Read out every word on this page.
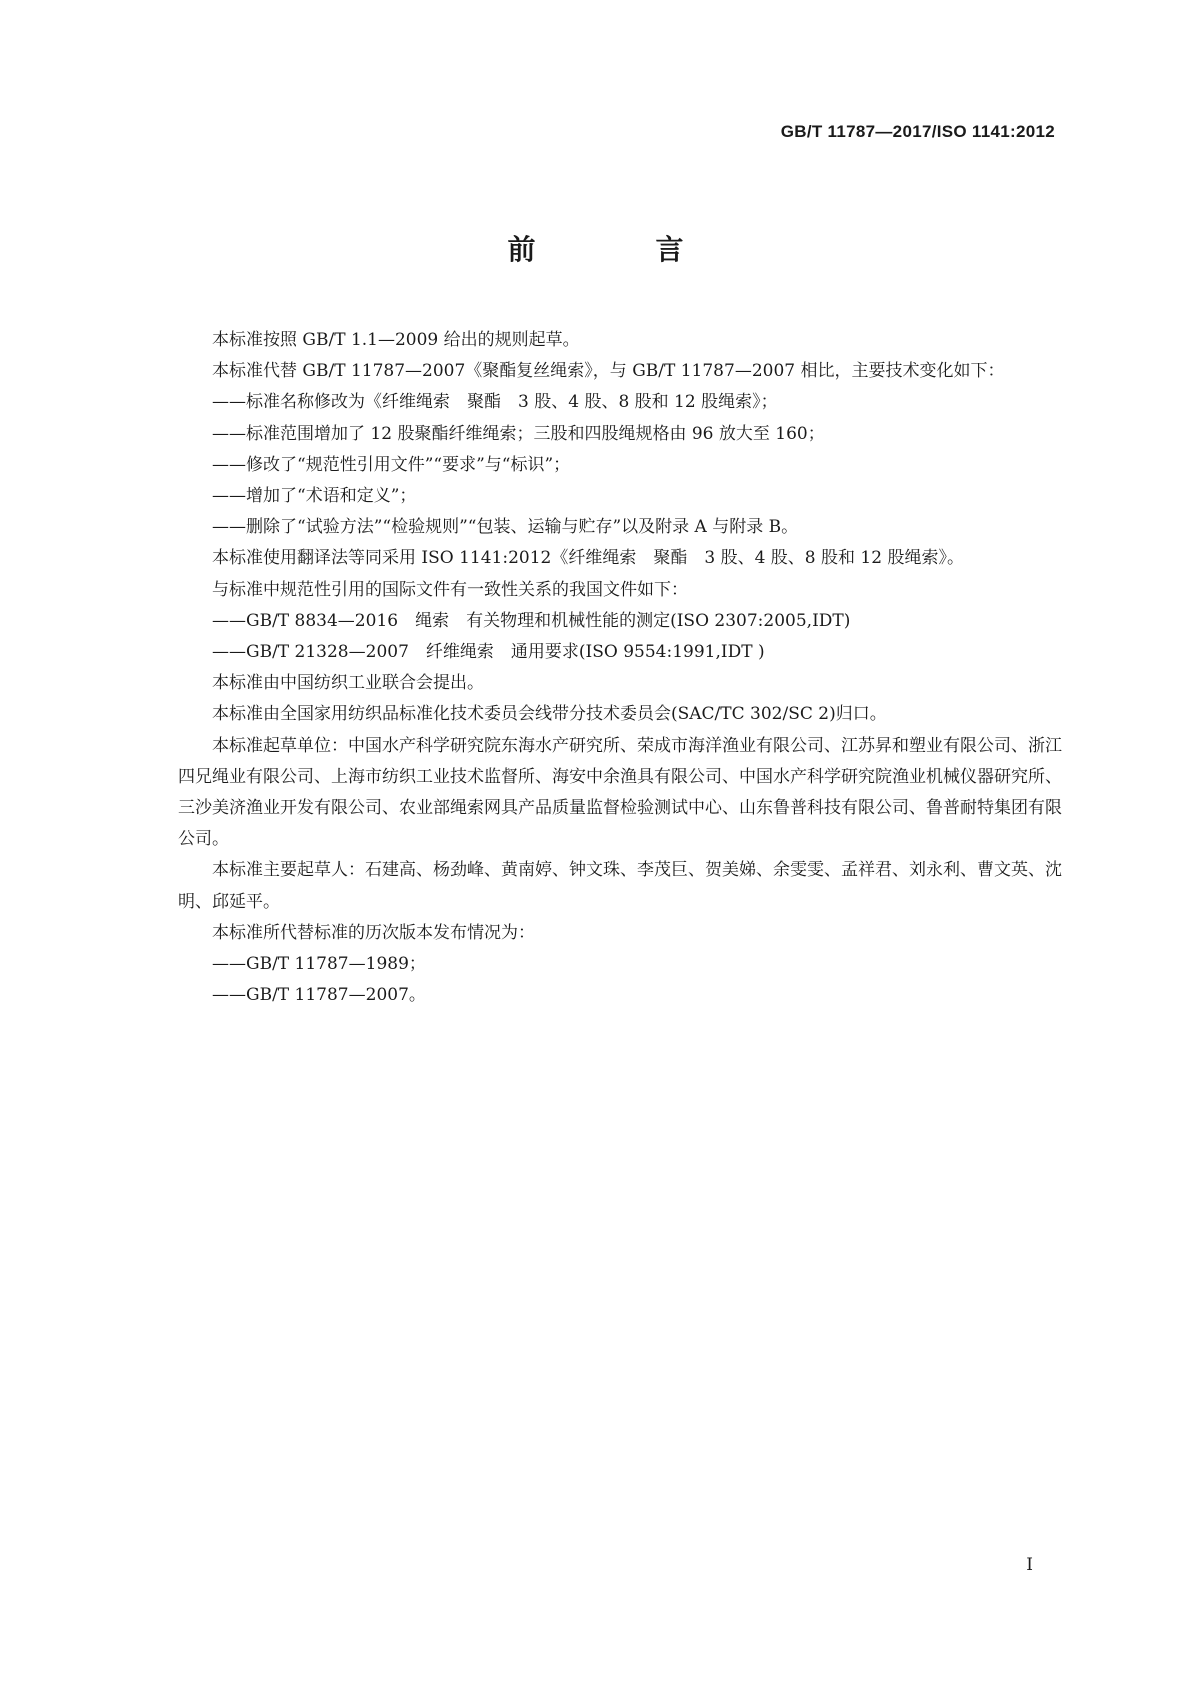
GB/T 11787—2017/ISO 1141:2012
前　言

本标准按照 GB/T 1.1—2009 给出的规则起草。

本标准代替 GB/T 11787—2007《聚酯复丝绳索》，与 GB/T 11787—2007 相比，主要技术变化如下：

——标准名称修改为《纤维绳索　聚酯　3 股、4 股、8 股和 12 股绳索》；

——标准范围增加了 12 股聚酯纤维绳索；三股和四股绳规格由 96 放大至 160；

——修改了“规范性引用文件”“要求”与“标识”；

——增加了“术语和定义”；

——删除了“试验方法”“检验规则”“包装、运输与贮存”以及附录 A 与附录 B。

本标准使用翻译法等同采用 ISO 1141:2012《纤维绳索　聚酯　3 股、4 股、8 股和 12 股绳索》。

与标准中规范性引用的国际文件有一致性关系的我国文件如下：

——GB/T 8834—2016　绳索　有关物理和机械性能的测定(ISO 2307:2005,IDT)

——GB/T 21328—2007　纤维绳索　通用要求(ISO 9554:1991,IDT )

本标准由中国纺织工业联合会提出。

本标准由全国家用纺织品标准化技术委员会线带分技术委员会(SAC/TC 302/SC 2)归口。

本标准起草单位：中国水产科学研究院东海水产研究所、荣成市海洋渔业有限公司、江苏昇和塑业有限公司、浙江四兄绳业有限公司、上海市纺织工业技术监督所、海安中余渔具有限公司、中国水产科学研究院渔业机械仪器研究所、三沙美济渔业开发有限公司、农业部绳索网具产品质量监督检验测试中心、山东鲁普科技有限公司、鲁普耐特集团有限公司。

本标准主要起草人：石建高、杨劲峰、黄南婷、钟文珠、李茂巨、贺美娣、余雯雯、孟祥君、刘永利、曹文英、沈明、邱延平。

本标准所代替标准的历次版本发布情况为：

——GB/T 11787—1989；

——GB/T 11787—2007。

I
